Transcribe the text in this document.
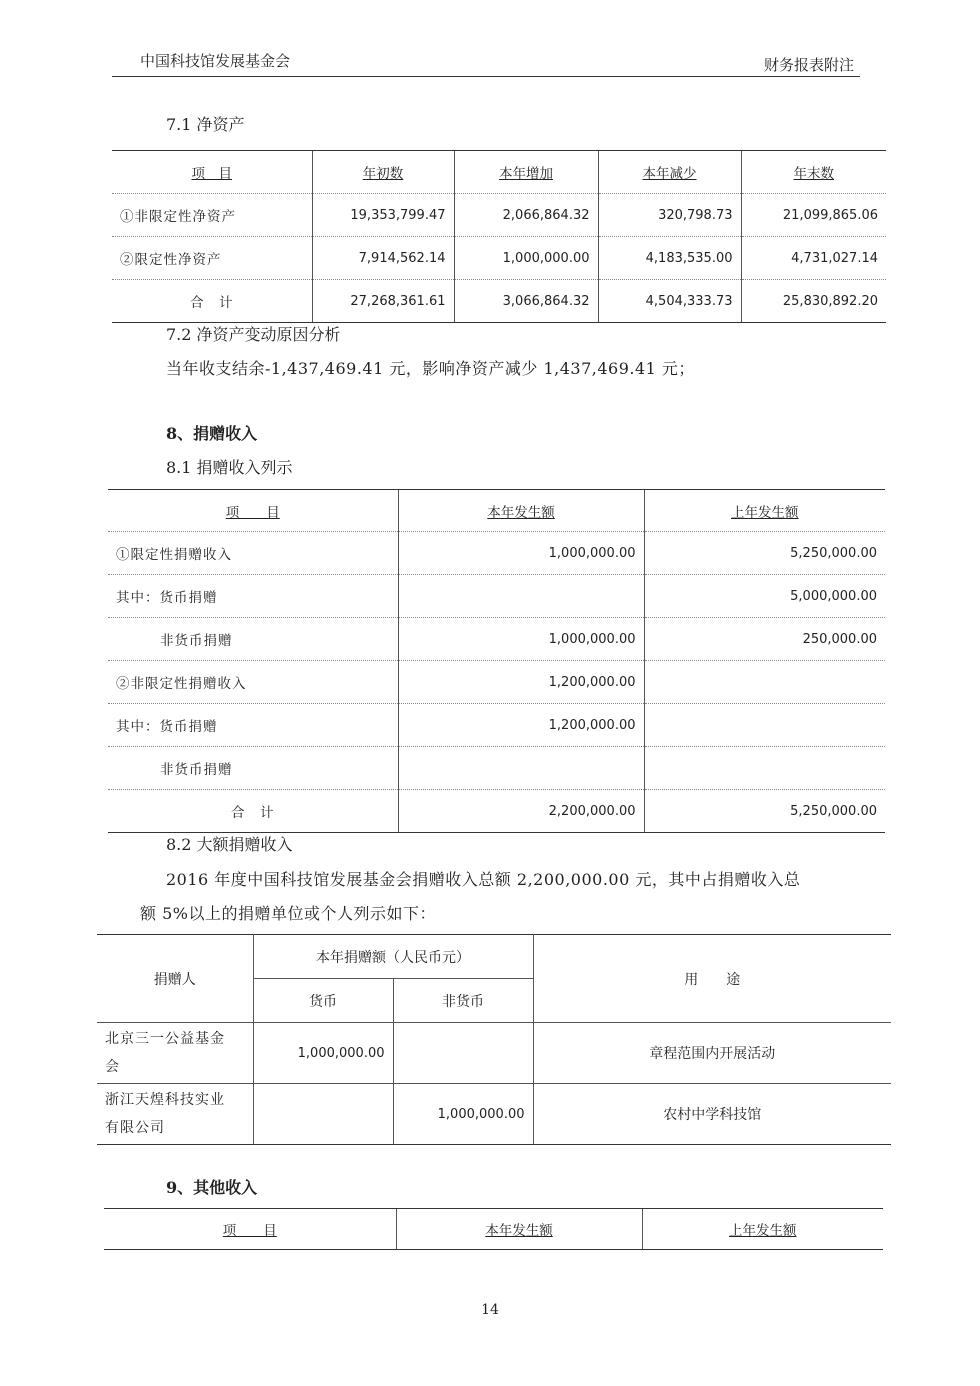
中国科技馆发展基金会	财务报表附注
7.1 净资产
项　目	年初数	本年增加	本年减少	年末数
①非限定性净资产	19,353,799.47	2,066,864.32	320,798.73	21,099,865.06
②限定性净资产	7,914,562.14	1,000,000.00	4,183,535.00	4,731,027.14
合　计	27,268,361.61	3,066,864.32	4,504,333.73	25,830,892.20
7.2 净资产变动原因分析
当年收支结余-1,437,469.41 元，影响净资产减少 1,437,469.41 元；
8、捐赠收入
8.1 捐赠收入列示
项　　目	本年发生额	上年发生额
①限定性捐赠收入	1,000,000.00	5,250,000.00
其中：货币捐赠		5,000,000.00
非货币捐赠	1,000,000.00	250,000.00
②非限定性捐赠收入	1,200,000.00	
其中：货币捐赠	1,200,000.00	
非货币捐赠		
合　计	2,200,000.00	5,250,000.00
8.2 大额捐赠收入
2016 年度中国科技馆发展基金会捐赠收入总额 2,200,000.00 元，其中占捐赠收入总
额 5%以上的捐赠单位或个人列示如下：
捐赠人	本年捐赠额（人民币元）		用　　途
	货币	非货币	

北京三一公益基金
会	1,000,000.00		章程范围内开展活动

浙江天煌科技实业
有限公司		1,000,000.00	农村中学科技馆
9、其他收入
项　　目	本年发生额	上年发生额
14
